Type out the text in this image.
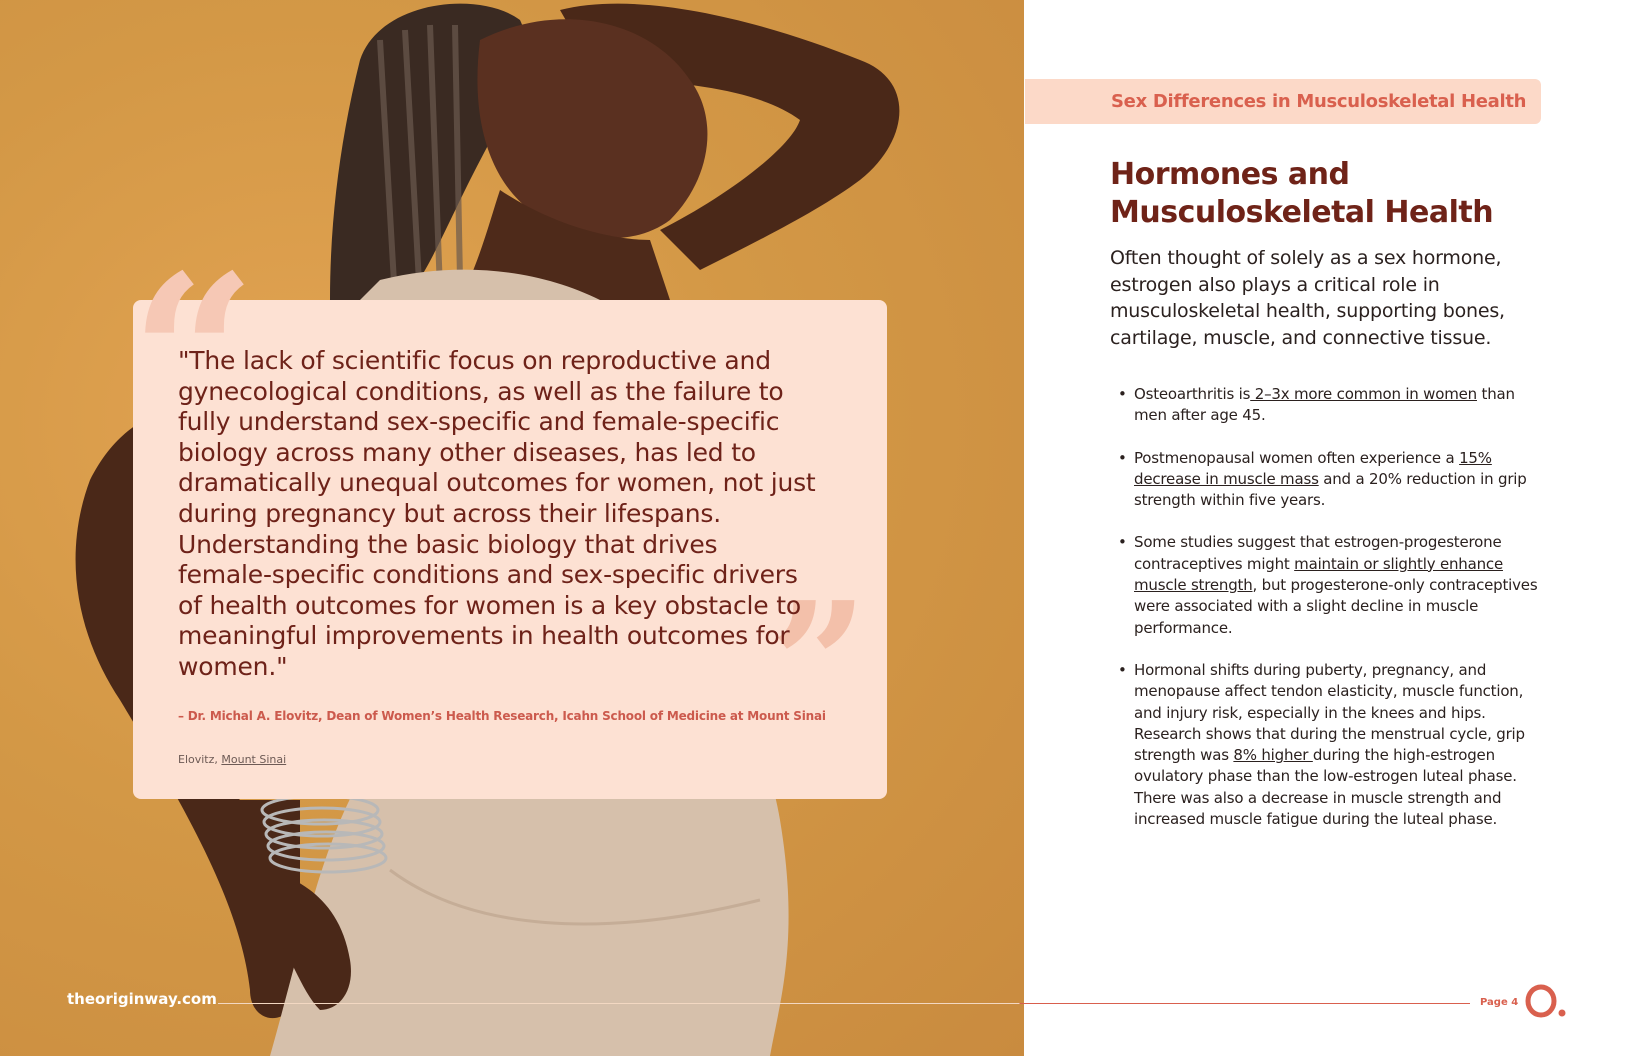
“
”
"The lack of scientific focus on reproductive and gynecological conditions, as well as the failure to fully understand sex-specific and female-specific biology across many other diseases, has led to dramatically unequal outcomes for women, not just during pregnancy but across their lifespans. Understanding the basic biology that drives female-specific conditions and sex-specific drivers of health outcomes for women is a key obstacle to meaningful improvements in health outcomes for women."
– Dr. Michal A. Elovitz, Dean of Women’s Health Research, Icahn School of Medicine at Mount Sinai
Elovitz, Mount Sinai
Sex Differences in Musculoskeletal Health
Hormones and Musculoskeletal Health
Often thought of solely as a sex hormone, estrogen also plays a critical role in musculoskeletal health, supporting bones, cartilage, muscle, and connective tissue.
• Osteoarthritis is 2–3x more common in women than men after age 45.
• Postmenopausal women often experience a 15% decrease in muscle mass and a 20% reduction in grip strength within five years.
• Some studies suggest that estrogen-progesterone contraceptives might maintain or slightly enhance muscle strength, but progesterone-only contraceptives were associated with a slight decline in muscle performance.
• Hormonal shifts during puberty, pregnancy, and menopause affect tendon elasticity, muscle function, and injury risk, especially in the knees and hips. Research shows that during the menstrual cycle, grip strength was 8% higher during the high-estrogen ovulatory phase than the low-estrogen luteal phase. There was also a decrease in muscle strength and increased muscle fatigue during the luteal phase.
theoriginway.com	Page 4
